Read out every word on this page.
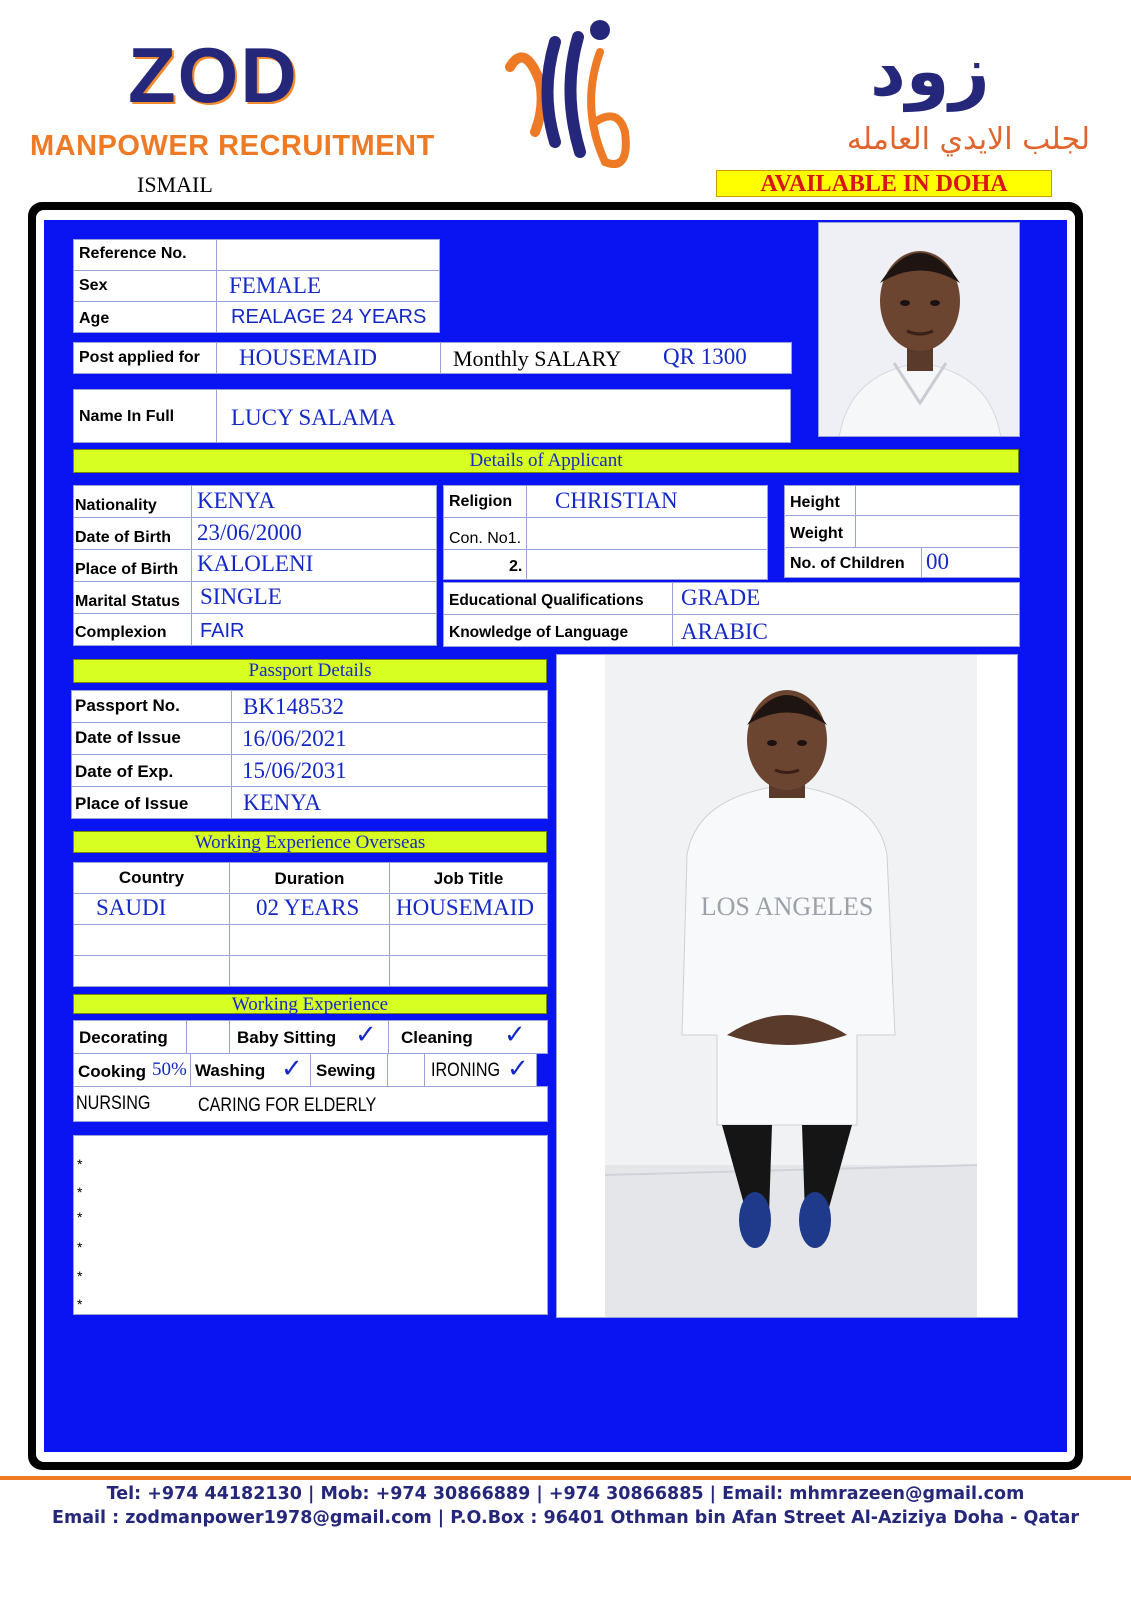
ZOD
MANPOWER RECRUITMENT
ISMAIL
زود
لجلب الايدي العامله
AVAILABLE IN DOHA
Reference No.
Sex	FEMALE
Age	REALAGE 24 YEARS
Post applied for HOUSEMAID	Monthly SALARY QR 1300
Name In Full LUCY SALAMA
Details of Applicant
Nationality KENYA
Date of Birth 23/06/2000
Place of Birth KALOLENI
Marital Status SINGLE
Complexion FAIR
Religion CHRISTIAN
Con. No1.
2.
Height
Weight
No. of Children 00
Educational Qualifications GRADE
Knowledge of Language ARABIC
Passport Details
Passport No.	BK148532
Date of Issue	16/06/2021
Date of Exp.	15/06/2031
Place of Issue KENYA
Working Experience Overseas
Country	Duration	Job Title
SAUDI	02 YEARS HOUSEMAID
Working Experience
Decorating	Baby Sitting ✓ Cleaning ✓
Cooking 50% Washing ✓ Sewing	IRONING ✓
NURSING	CARING FOR ELDERLY
*
*
*
*
*
*
LOS ANGELES
Tel: +974 44182130 | Mob: +974 30866889 | +974 30866885 | Email: mhmrazeen@gmail.com
Email : zodmanpower1978@gmail.com | P.O.Box : 96401 Othman bin Afan Street Al-Aziziya Doha - Qatar
